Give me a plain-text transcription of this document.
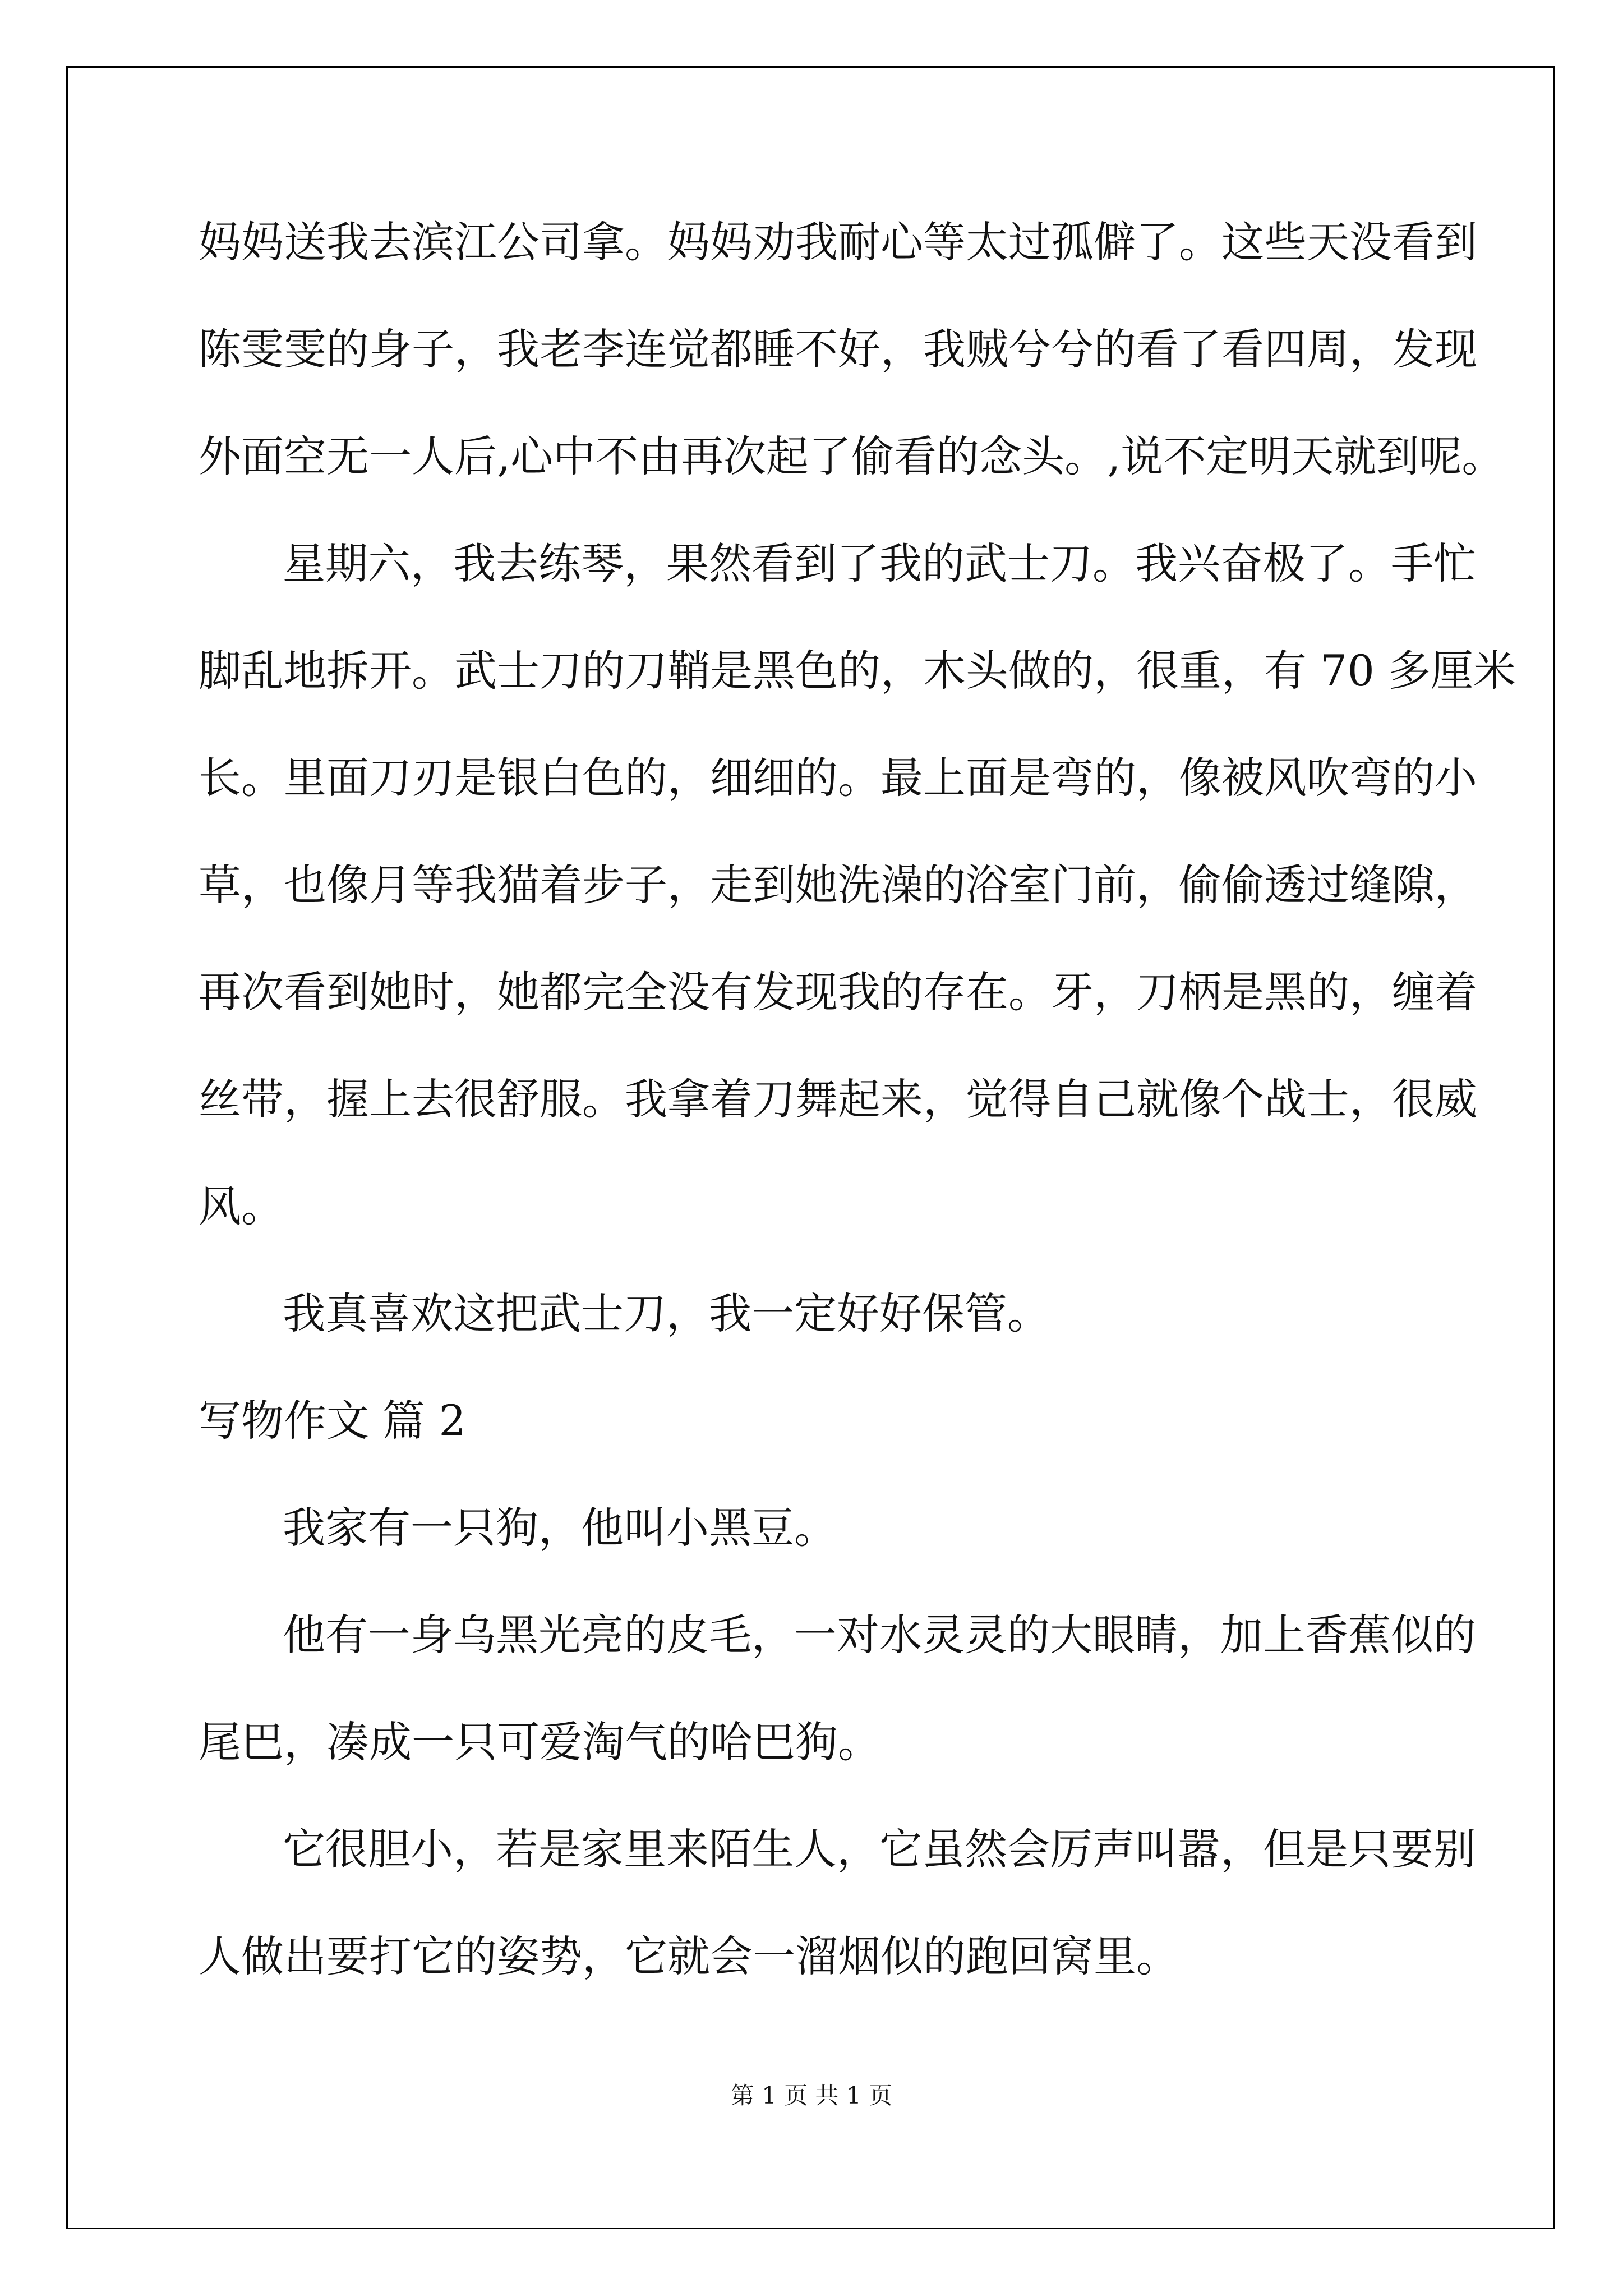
妈妈送我去滨江公司拿。妈妈劝我耐心等太过孤僻了。这些天没看到
陈雯雯的身子，我老李连觉都睡不好，我贼兮兮的看了看四周，发现
外面空无一人后,心中不由再次起了偷看的念头。,说不定明天就到呢。
星期六，我去练琴，果然看到了我的武士刀。我兴奋极了。手忙
脚乱地拆开。武士刀的刀鞘是黑色的，木头做的，很重，有 70 多厘米
长。里面刀刃是银白色的，细细的。最上面是弯的，像被风吹弯的小
草，也像月等我猫着步子，走到她洗澡的浴室门前，偷偷透过缝隙，
再次看到她时，她都完全没有发现我的存在。牙，刀柄是黑的，缠着
丝带，握上去很舒服。我拿着刀舞起来，觉得自己就像个战士，很威
风。
我真喜欢这把武士刀，我一定好好保管。
写物作文 篇 2
我家有一只狗，他叫小黑豆。
他有一身乌黑光亮的皮毛，一对水灵灵的大眼睛，加上香蕉似的
尾巴，凑成一只可爱淘气的哈巴狗。
它很胆小，若是家里来陌生人，它虽然会厉声叫嚣，但是只要别
人做出要打它的姿势，它就会一溜烟似的跑回窝里。
第 1 页 共 1 页
